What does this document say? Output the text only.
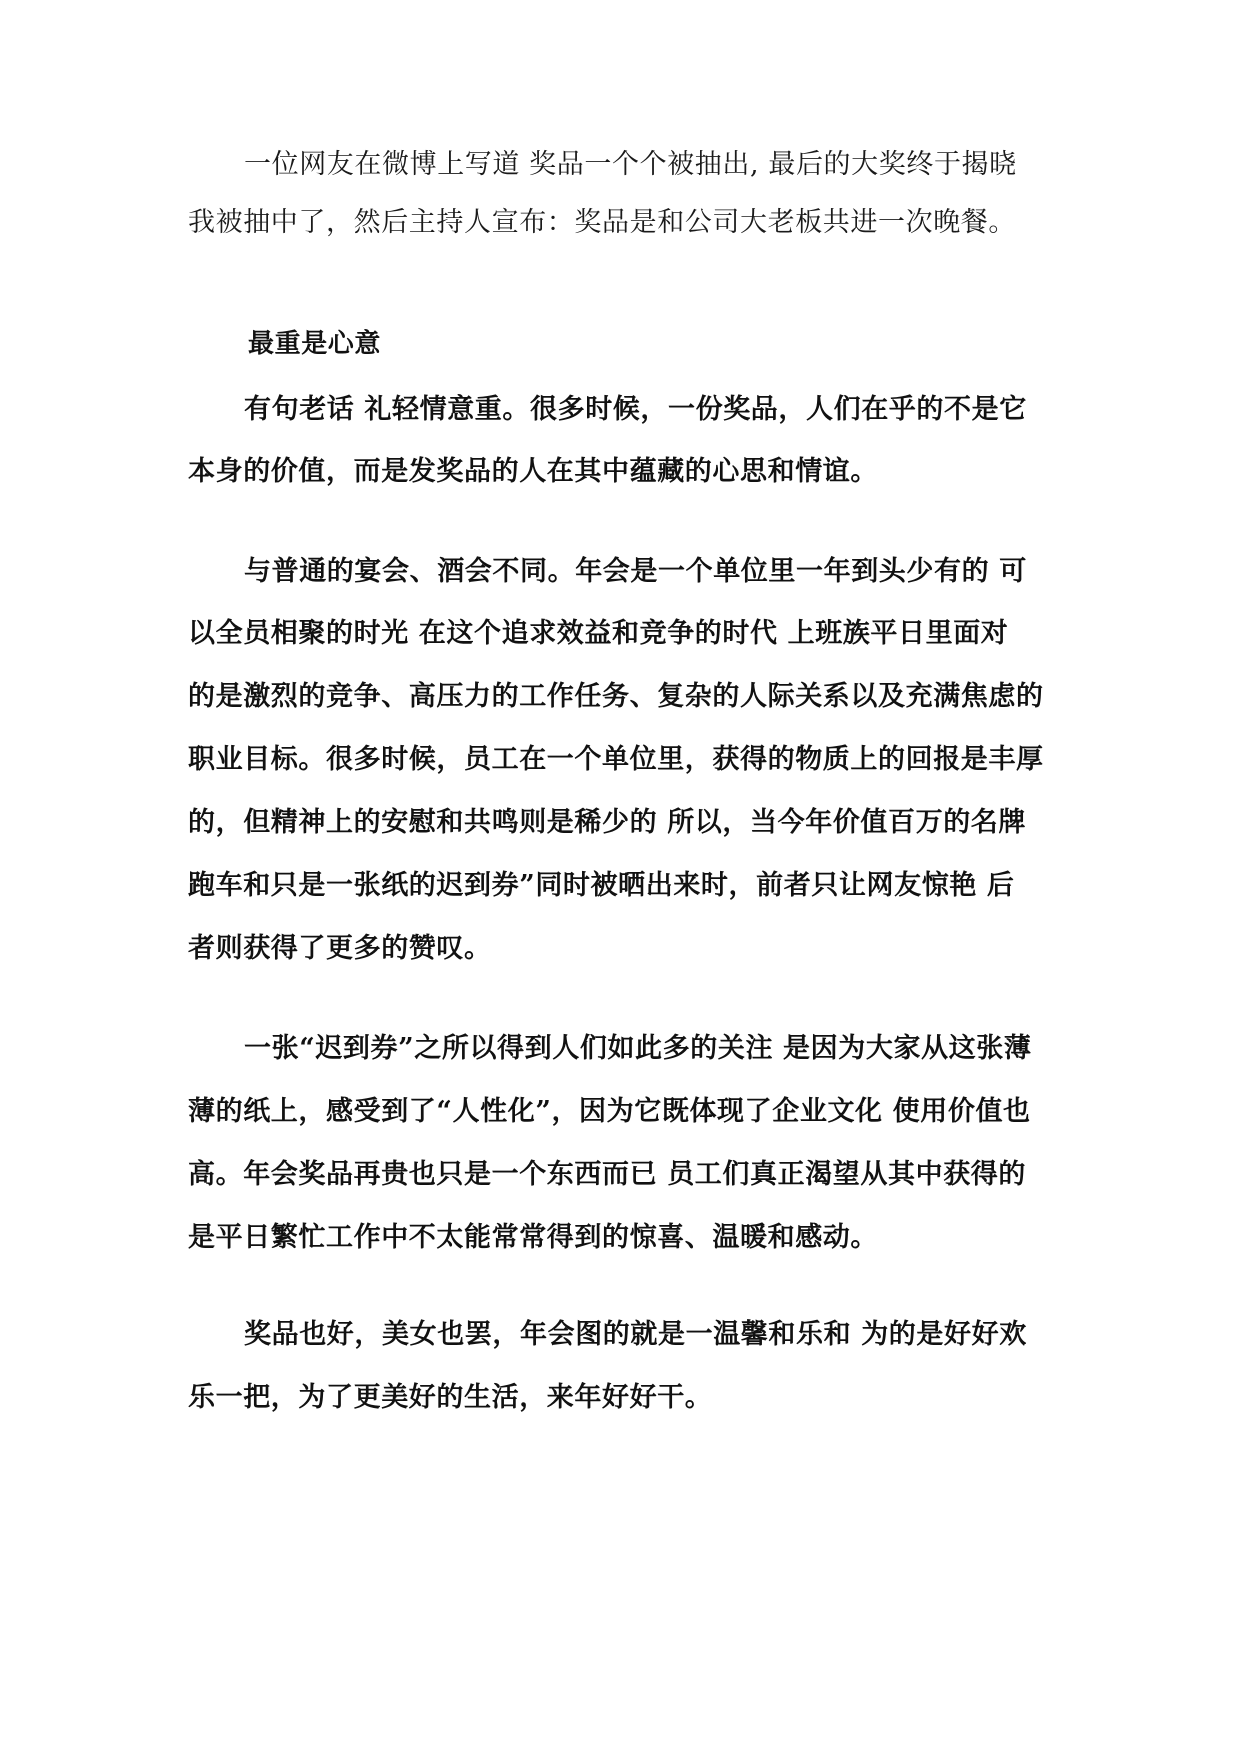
一位网友在微博上写道 奖品一个个被抽出, 最后的大奖终于揭晓
我被抽中了，然后主持人宣布：奖品是和公司大老板共进一次晚餐。
最重是心意
有句老话 礼轻情意重。很多时候，一份奖品，人们在乎的不是它
本身的价值，而是发奖品的人在其中蕴藏的心思和情谊。
与普通的宴会、酒会不同。年会是一个单位里一年到头少有的 可
以全员相聚的时光 在这个追求效益和竞争的时代 上班族平日里面对
的是激烈的竞争、高压力的工作任务、复杂的人际关系以及充满焦虑的
职业目标。很多时候，员工在一个单位里，获得的物质上的回报是丰厚
的，但精神上的安慰和共鸣则是稀少的 所以，当今年价值百万的名牌
跑车和只是一张纸的迟到券”同时被晒出来时，前者只让网友惊艳 后
者则获得了更多的赞叹。
一张“迟到券”之所以得到人们如此多的关注 是因为大家从这张薄
薄的纸上，感受到了“人性化”，因为它既体现了企业文化 使用价值也
高。年会奖品再贵也只是一个东西而已 员工们真正渴望从其中获得的
是平日繁忙工作中不太能常常得到的惊喜、温暖和感动。
奖品也好，美女也罢，年会图的就是一温馨和乐和 为的是好好欢
乐一把，为了更美好的生活，来年好好干。
